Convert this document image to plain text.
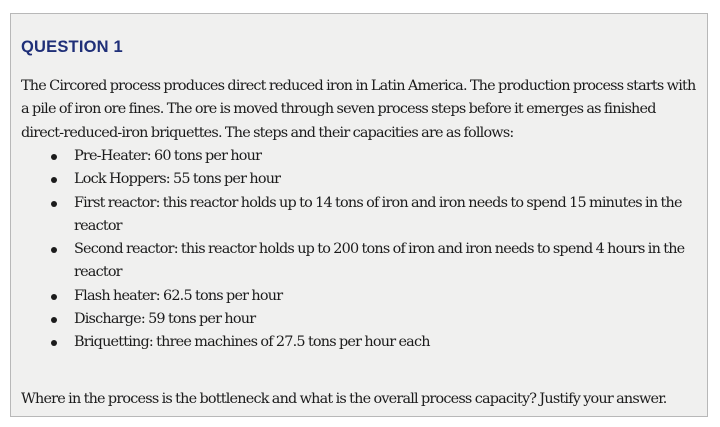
QUESTION 1

The Circored process produces direct reduced iron in Latin America. The production process starts with a pile of iron ore fines. The ore is moved through seven process steps before it emerges as finished direct-reduced-iron briquettes. The steps and their capacities are as follows:

Pre-Heater: 60 tons per hour
Lock Hoppers: 55 tons per hour
First reactor: this reactor holds up to 14 tons of iron and iron needs to spend 15 minutes in the reactor
Second reactor: this reactor holds up to 200 tons of iron and iron needs to spend 4 hours in the reactor
Flash heater: 62.5 tons per hour
Discharge: 59 tons per hour
Briquetting: three machines of 27.5 tons per hour each

Where in the process is the bottleneck and what is the overall process capacity? Justify your answer.
